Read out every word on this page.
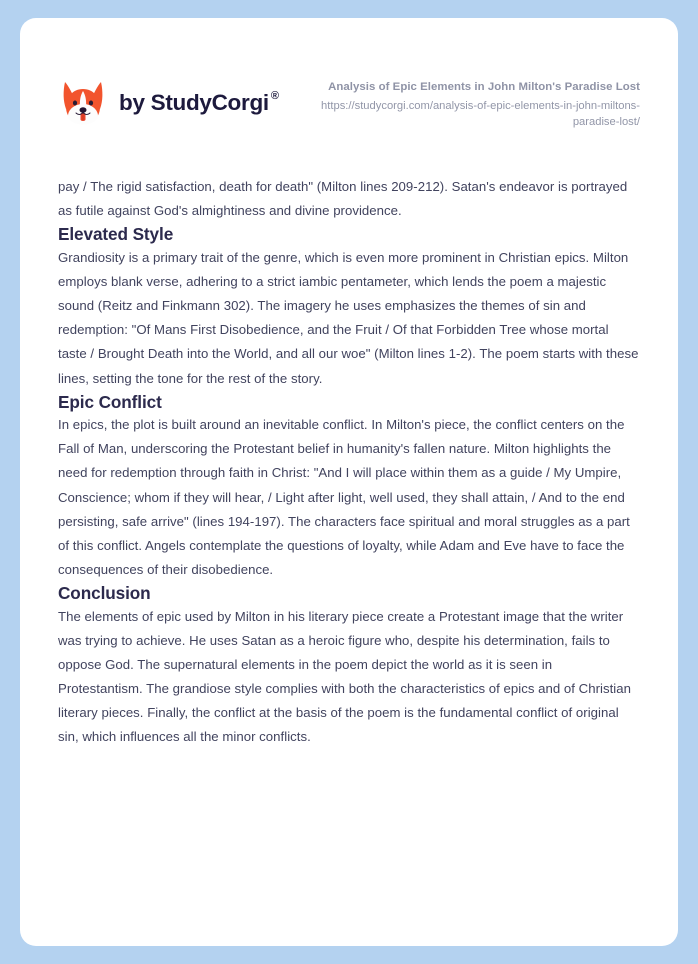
by StudyCorgi ®
Analysis of Epic Elements in John Milton's Paradise Lost
https://studycorgi.com/analysis-of-epic-elements-in-john-miltons-paradise-lost/

pay / The rigid satisfaction, death for death" (Milton lines 209-212). Satan's endeavor is portrayed as futile against God's almightiness and divine providence.

Elevated Style

Grandiosity is a primary trait of the genre, which is even more prominent in Christian epics. Milton employs blank verse, adhering to a strict iambic pentameter, which lends the poem a majestic sound (Reitz and Finkmann 302). The imagery he uses emphasizes the themes of sin and redemption: "Of Mans First Disobedience, and the Fruit / Of that Forbidden Tree whose mortal taste / Brought Death into the World, and all our woe" (Milton lines 1-2). The poem starts with these lines, setting the tone for the rest of the story.

Epic Conflict

In epics, the plot is built around an inevitable conflict. In Milton's piece, the conflict centers on the Fall of Man, underscoring the Protestant belief in humanity's fallen nature. Milton highlights the need for redemption through faith in Christ: "And I will place within them as a guide / My Umpire, Conscience; whom if they will hear, / Light after light, well used, they shall attain, / And to the end persisting, safe arrive" (lines 194-197). The characters face spiritual and moral struggles as a part of this conflict. Angels contemplate the questions of loyalty, while Adam and Eve have to face the consequences of their disobedience.

Conclusion

The elements of epic used by Milton in his literary piece create a Protestant image that the writer was trying to achieve. He uses Satan as a heroic figure who, despite his determination, fails to oppose God. The supernatural elements in the poem depict the world as it is seen in Protestantism. The grandiose style complies with both the characteristics of epics and of Christian literary pieces. Finally, the conflict at the basis of the poem is the fundamental conflict of original sin, which influences all the minor conflicts.
